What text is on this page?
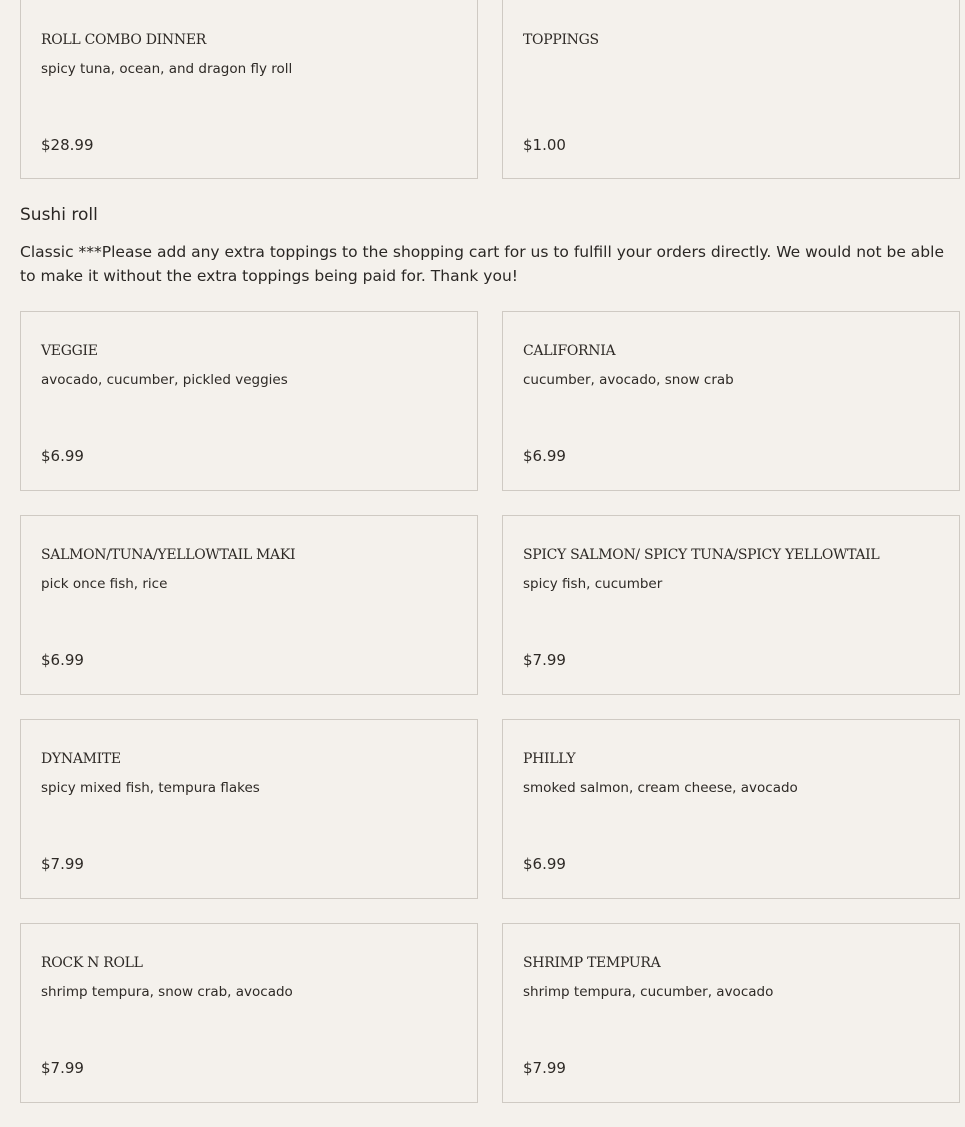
ROLL COMBO DINNER
spicy tuna, ocean, and dragon fly roll
$28.99
TOPPINGS
$1.00
Sushi roll

Classic ***Please add any extra toppings to the shopping cart for us to fulfill your orders directly. We would not be able to make it without the extra toppings being paid for. Thank you!

VEGGIE
avocado, cucumber, pickled veggies
$6.99
CALIFORNIA
cucumber, avocado, snow crab
$6.99
SALMON/TUNA/YELLOWTAIL MAKI
pick once fish, rice
$6.99
SPICY SALMON/ SPICY TUNA/SPICY YELLOWTAIL
spicy fish, cucumber
$7.99
DYNAMITE
spicy mixed fish, tempura flakes
$7.99
PHILLY
smoked salmon, cream cheese, avocado
$6.99
ROCK N ROLL
shrimp tempura, snow crab, avocado
$7.99
SHRIMP TEMPURA
shrimp tempura, cucumber, avocado
$7.99
